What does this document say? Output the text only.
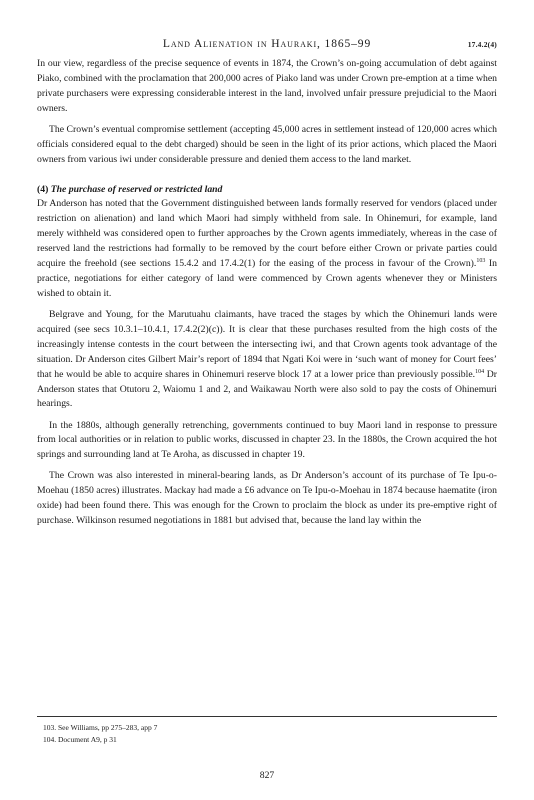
Land Alienation in Hauraki, 1865–99	17.4.2(4)

In our view, regardless of the precise sequence of events in 1874, the Crown’s on-going accumulation of debt against Piako, combined with the proclamation that 200,000 acres of Piako land was under Crown pre-emption at a time when private purchasers were expressing considerable interest in the land, involved unfair pressure prejudicial to the Maori owners.

The Crown’s eventual compromise settlement (accepting 45,000 acres in settlement instead of 120,000 acres which officials considered equal to the debt charged) should be seen in the light of its prior actions, which placed the Maori owners from various iwi under considerable pressure and denied them access to the land market.

(4) The purchase of reserved or restricted land

Dr Anderson has noted that the Government distinguished between lands formally reserved for vendors (placed under restriction on alienation) and land which Maori had simply withheld from sale. In Ohinemuri, for example, land merely withheld was considered open to further approaches by the Crown agents immediately, whereas in the case of reserved land the restrictions had formally to be removed by the court before either Crown or private parties could acquire the freehold (see sections 15.4.2 and 17.4.2(1) for the easing of the process in favour of the Crown).$^{103}$ In practice, negotiations for either category of land were commenced by Crown agents whenever they or Ministers wished to obtain it.

Belgrave and Young, for the Marutuahu claimants, have traced the stages by which the Ohinemuri lands were acquired (see secs 10.3.1–10.4.1, 17.4.2(2)(c)). It is clear that these purchases resulted from the high costs of the increasingly intense contests in the court between the intersecting iwi, and that Crown agents took advantage of the situation. Dr Anderson cites Gilbert Mair’s report of 1894 that Ngati Koi were in ‘such want of money for Court fees’ that he would be able to acquire shares in Ohinemuri reserve block 17 at a lower price than previously possible.$^{104}$ Dr Anderson states that Otutoru 2, Waiomu 1 and 2, and Waikawau North were also sold to pay the costs of Ohinemuri hearings.

In the 1880s, although generally retrenching, governments continued to buy Maori land in response to pressure from local authorities or in relation to public works, discussed in chapter 23. In the 1880s, the Crown acquired the hot springs and surrounding land at Te Aroha, as discussed in chapter 19.

The Crown was also interested in mineral-bearing lands, as Dr Anderson’s account of its purchase of Te Ipu-o-Moehau (1850 acres) illustrates. Mackay had made a £6 advance on Te Ipu-o-Moehau in 1874 because haematite (iron oxide) had been found there. This was enough for the Crown to proclaim the block as under its pre-emptive right of purchase. Wilkinson resumed negotiations in 1881 but advised that, because the land lay within the

103. See Williams, pp 275–283, app 7
104. Document A9, p 31
827
